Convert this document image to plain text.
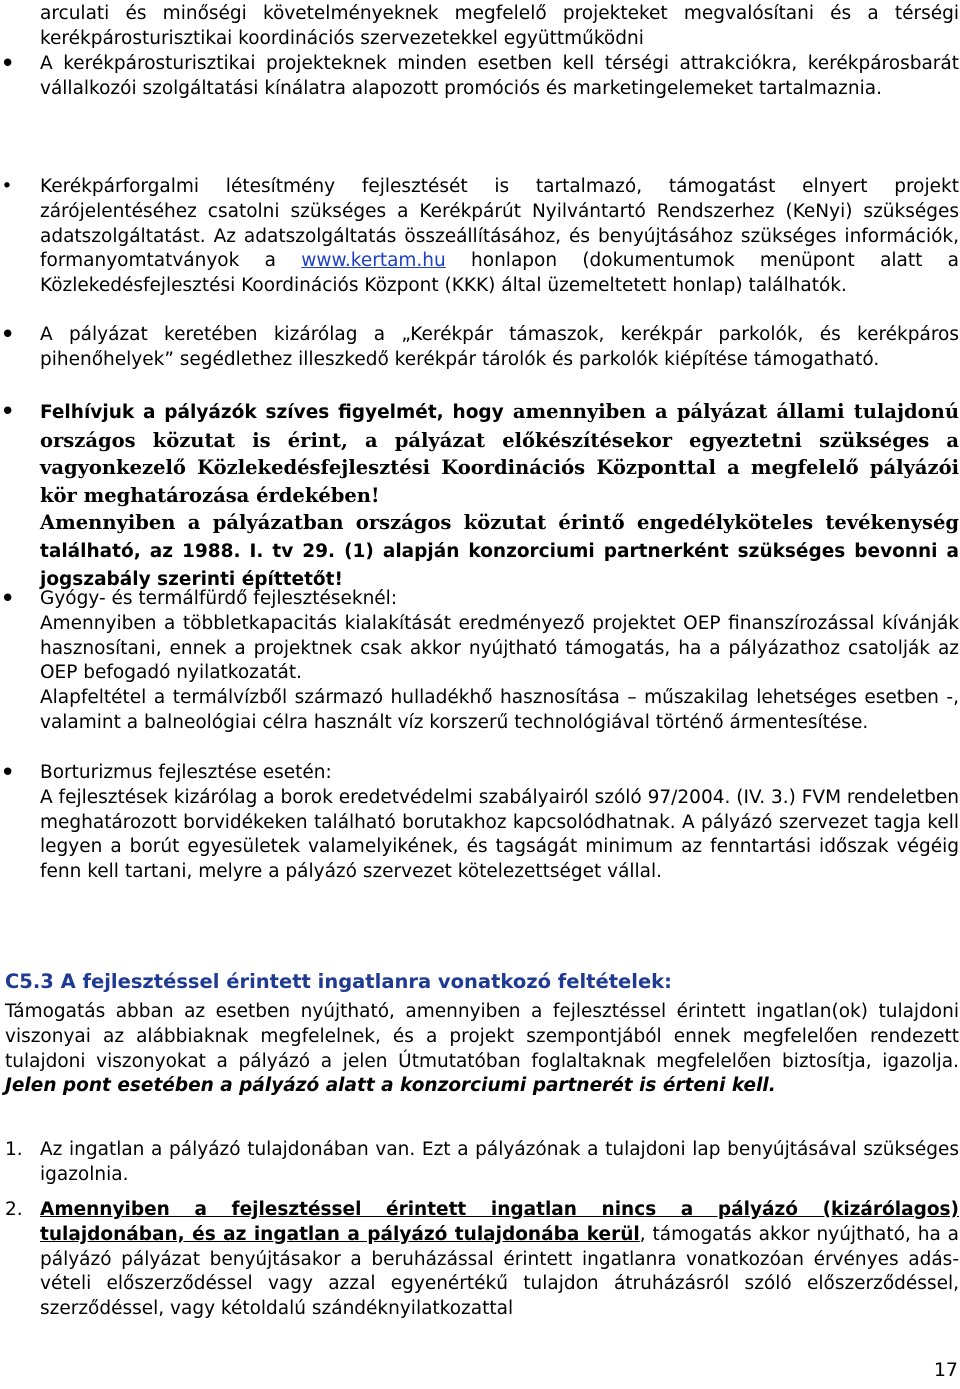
arculati és minőségi követelményeknek megfelelő projekteket megvalósítani és a térségi kerékpárosturisztikai koordinációs szervezetekkel együttműködni

• A kerékpárosturisztikai projekteknek minden esetben kell térségi attrakciókra, kerékpárosbarát vállalkozói szolgáltatási kínálatra alapozott promóciós és marketingelemeket tartalmaznia.

• Kerékpárforgalmi létesítmény fejlesztését is tartalmazó, támogatást elnyert projekt zárójelentéséhez csatolni szükséges a Kerékpárút Nyilvántartó Rendszerhez (KeNyi) szükséges adatszolgáltatást. Az adatszolgáltatás összeállításához, és benyújtásához szükséges információk, formanyomtatványok a www.kertam.hu honlapon (dokumentumok menüpont alatt a Közlekedésfejlesztési Koordinációs Központ (KKK) által üzemeltetett honlap) találhatók.

• A pályázat keretében kizárólag a „Kerékpár támaszok, kerékpár parkolók, és kerékpáros pihenőhelyek” segédlethez illeszkedő kerékpár tárolók és parkolók kiépítése támogatható.

• Felhívjuk a pályázók szíves figyelmét, hogy amennyiben a pályázat állami tulajdonú országos közutat is érint, a pályázat előkészítésekor egyeztetni szükséges a vagyonkezelő Közlekedésfejlesztési Koordinációs Központtal a megfelelő pályázói kör meghatározása érdekében!

Amennyiben a pályázatban országos közutat érintő engedélyköteles tevékenység található, az 1988. I. tv 29. (1) alapján konzorciumi partnerként szükséges bevonni a jogszabály szerinti építtetőt!

• Gyógy- és termálfürdő fejlesztéseknél:

Amennyiben a többletkapacitás kialakítását eredményező projektet OEP finanszírozással kívánják hasznosítani, ennek a projektnek csak akkor nyújtható támogatás, ha a pályázathoz csatolják az OEP befogadó nyilatkozatát.

Alapfeltétel a termálvízből származó hulladékhő hasznosítása – műszakilag lehetséges esetben -, valamint a balneológiai célra használt víz korszerű technológiával történő ármentesítése.

• Borturizmus fejlesztése esetén:

A fejlesztések kizárólag a borok eredetvédelmi szabályairól szóló 97/2004. (IV. 3.) FVM rendeletben meghatározott borvidékeken található borutakhoz kapcsolódhatnak. A pályázó szervezet tagja kell legyen a borút egyesületek valamelyikének, és tagságát minimum az fenntartási időszak végéig fenn kell tartani, melyre a pályázó szervezet kötelezettséget vállal.

C5.3 A fejlesztéssel érintett ingatlanra vonatkozó feltételek:

Támogatás abban az esetben nyújtható, amennyiben a fejlesztéssel érintett ingatlan(ok) tulajdoni viszonyai az alábbiaknak megfelelnek, és a projekt szempontjából ennek megfelelően rendezett tulajdoni viszonyokat a pályázó a jelen Útmutatóban foglaltaknak megfelelően biztosítja, igazolja. Jelen pont esetében a pályázó alatt a konzorciumi partnerét is érteni kell.

1. Az ingatlan a pályázó tulajdonában van. Ezt a pályázónak a tulajdoni lap benyújtásával szükséges igazolnia.

2. Amennyiben a fejlesztéssel érintett ingatlan nincs a pályázó (kizárólagos) tulajdonában, és az ingatlan a pályázó tulajdonába kerül, támogatás akkor nyújtható, ha a pályázó pályázat benyújtásakor a beruházással érintett ingatlanra vonatkozóan érvényes adás-vételi előszerződéssel vagy azzal egyenértékű tulajdon átruházásról szóló előszerződéssel, szerződéssel, vagy kétoldalú szándéknyilatkozattal

17
